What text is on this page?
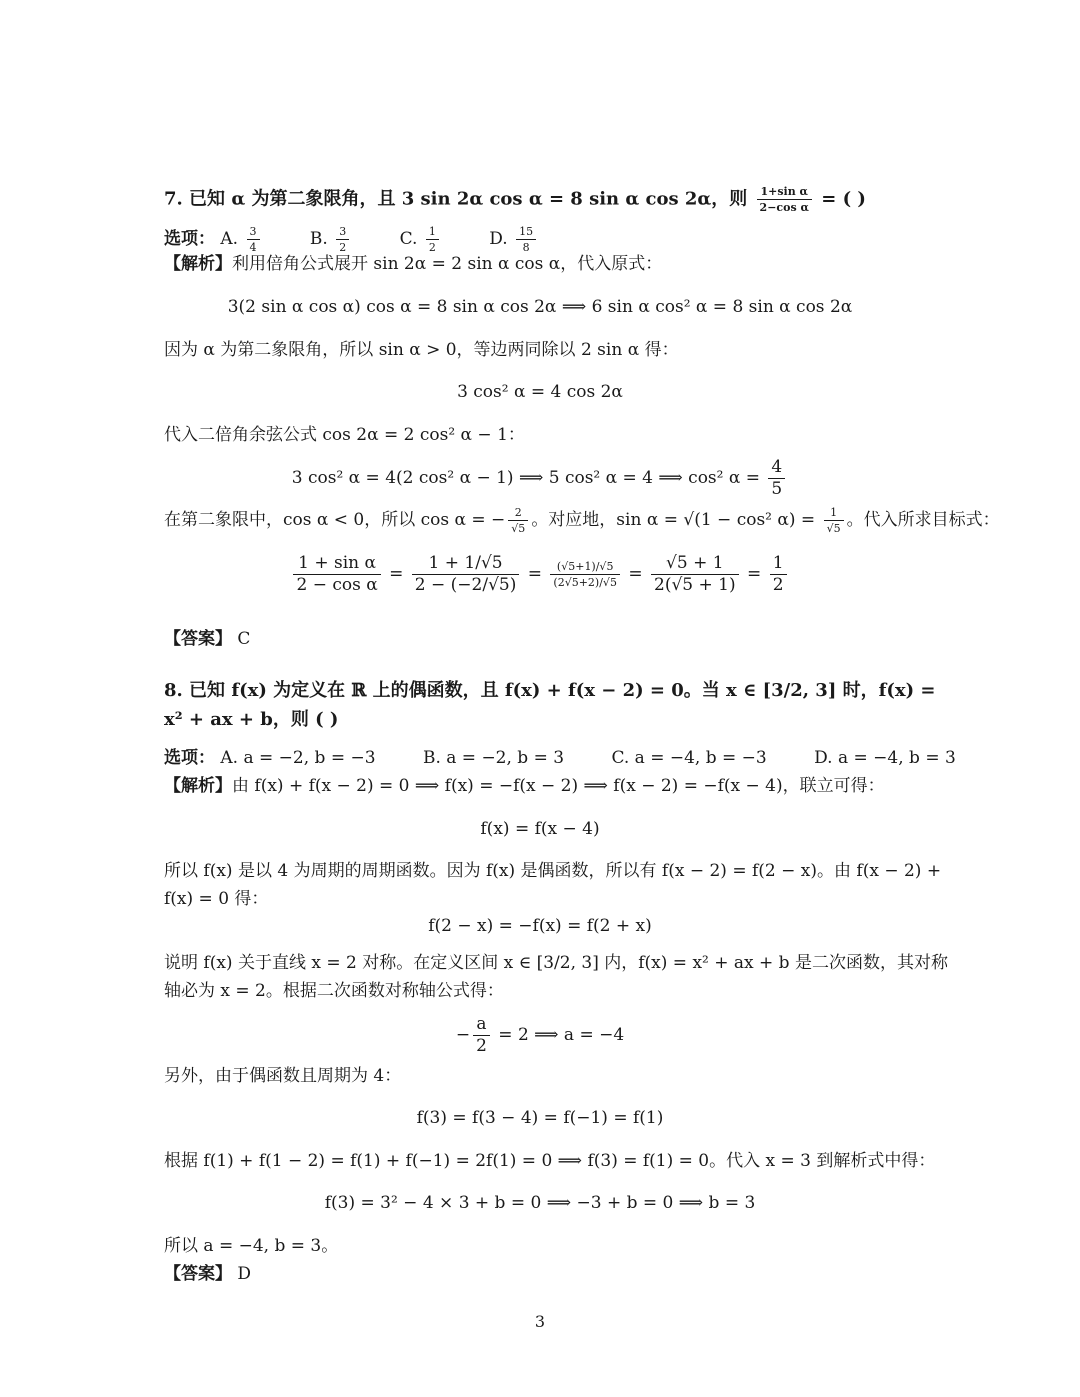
7. 已知 α 为第二象限角，且 3 sin 2α cos α = 8 sin α cos 2α，则 $\frac{\text{1+sin α}}{\text{2−cos α}}$ = ( )
选项： A. $\frac{3}{4}$	B. $\frac{3}{2}$	C. $\frac{1}{2}$	D. $\frac{15}{8}$
【解析】利用倍角公式展开 sin 2α = 2 sin α cos α，代入原式：
3(2 sin α cos α) cos α = 8 sin α cos 2α ⟹ 6 sin α cos² α = 8 sin α cos 2α
因为 α 为第二象限角，所以 sin α > 0，等边两同除以 2 sin α 得：
3 cos² α = 4 cos 2α
代入二倍角余弦公式 cos 2α = 2 cos² α − 1：
3 cos² α = 4(2 cos² α − 1) ⟹ 5 cos² α = 4 ⟹ cos² $\alpha = \frac{4}{5}$
在第二象限中，cos α < 0，所以 cos α = − $\frac{2}{√5}$ 。对应地，sin α = √(1 − cos² $\alpha) = \frac{1}{√5}$ 。代入所求目标式：
$\frac{\text{1 + sin α}}{\text{2 − cos α}} = \frac{1 + 1/√5}{2 - (-2/√5)} = \frac{(√5+1)/√5}{(2√5+2)/√5} = \frac{√5 + 1}{2(√5 + 1)} = \frac{1}{2}$
【答案】 C
8. 已知 f(x) 为定义在 ℝ 上的偶函数，且 f(x) + f(x − 2) = 0。当 x ∈ [3/2, 3] 时，f(x) =
x² + ax + b，则 ( )
选项： A. a = −2, b = −3	B. a = −2, b = 3	C. a = −4, b = −3	D. a = −4, b = 3
【解析】由 f(x) + f(x − 2) = 0 ⟹ f(x) = −f(x − 2) ⟹ f(x − 2) = −f(x − 4)，联立可得：
f(x) = f(x − 4)
所以 f(x) 是以 4 为周期的周期函数。因为 f(x) 是偶函数，所以有 f(x − 2) = f(2 − x)。由 f(x − 2) +
f(x) = 0 得：
f(2 − x) = −f(x) = f(2 + x)
说明 f(x) 关于直线 x = 2 对称。在定义区间 x ∈ [3/2, 3] 内，f(x) = x² + ax + b 是二次函数，其对称
轴必为 x = 2。根据二次函数对称轴公式得：
− $\frac{a}{2} = 2$ ⟹ a = −4
另外，由于偶函数且周期为 4：
f(3) = f(3 − 4) = f(−1) = f(1)
根据 f(1) + f(1 − 2) = f(1) + f(−1) = 2f(1) = 0 ⟹ f(3) = f(1) = 0。代入 x = 3 到解析式中得：
f(3) = 3² − 4 × 3 + b = 0 ⟹ −3 + b = 0 ⟹ b = 3
所以 a = −4, b = 3。
【答案】 D
3
